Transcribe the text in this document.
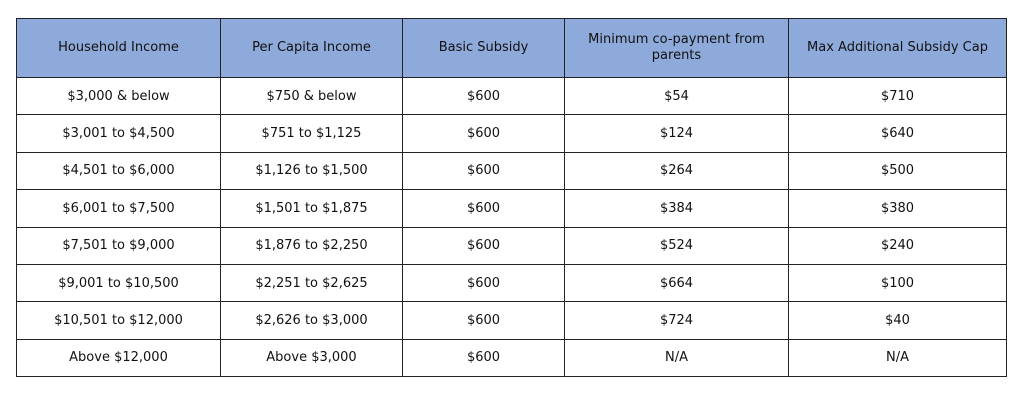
Household Income	Per Capita Income	Basic Subsidy	Minimum co-payment from parents	Max Additional Subsidy Cap
$3,000 & below	$750 & below	$600	$54	$710
$3,001 to $4,500	$751 to $1,125	$600	$124	$640
$4,501 to $6,000	$1,126 to $1,500	$600	$264	$500
$6,001 to $7,500	$1,501 to $1,875	$600	$384	$380
$7,501 to $9,000	$1,876 to $2,250	$600	$524	$240
$9,001 to $10,500	$2,251 to $2,625	$600	$664	$100
$10,501 to $12,000	$2,626 to $3,000	$600	$724	$40
Above $12,000	Above $3,000	$600	N/A	N/A
